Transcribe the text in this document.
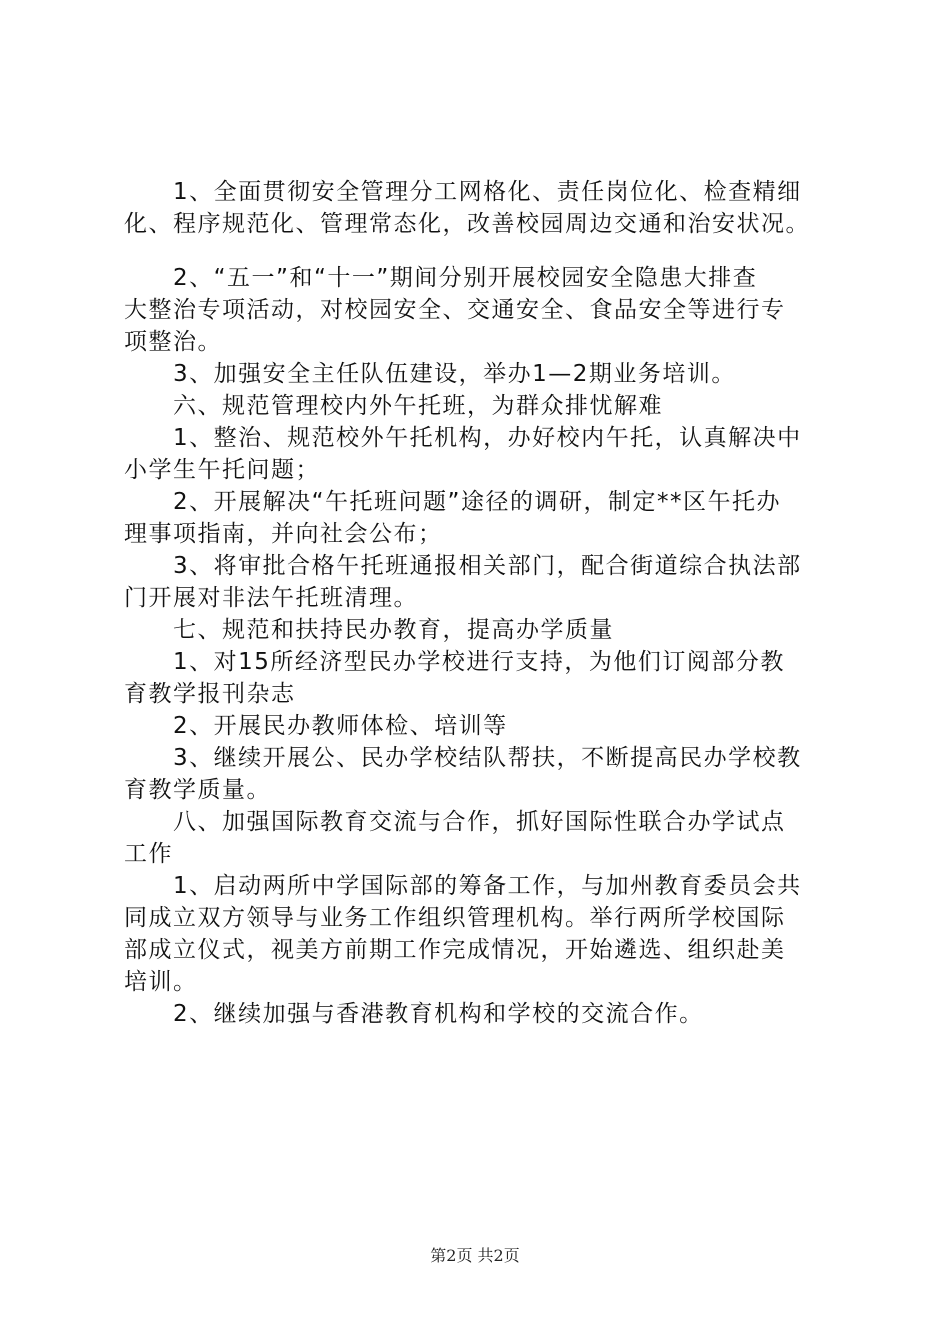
　　1、全面贯彻安全管理分工网格化、责任岗位化、检查精细
化、程序规范化、管理常态化，改善校园周边交通和治安状况。
　　2、“五一”和“十一”期间分别开展校园安全隐患大排查
大整治专项活动，对校园安全、交通安全、食品安全等进行专
项整治。
　　3、加强安全主任队伍建设，举办1—2期业务培训。
　　六、规范管理校内外午托班，为群众排忧解难
　　1、整治、规范校外午托机构，办好校内午托，认真解决中
小学生午托问题；
　　2、开展解决“午托班问题”途径的调研，制定**区午托办
理事项指南，并向社会公布；
　　3、将审批合格午托班通报相关部门，配合街道综合执法部
门开展对非法午托班清理。
　　七、规范和扶持民办教育，提高办学质量
　　1、对15所经济型民办学校进行支持，为他们订阅部分教
育教学报刊杂志
　　2、开展民办教师体检、培训等
　　3、继续开展公、民办学校结队帮扶，不断提高民办学校教
育教学质量。
　　八、加强国际教育交流与合作，抓好国际性联合办学试点
工作
　　1、启动两所中学国际部的筹备工作，与加州教育委员会共
同成立双方领导与业务工作组织管理机构。举行两所学校国际
部成立仪式，视美方前期工作完成情况，开始遴选、组织赴美
培训。
　　2、继续加强与香港教育机构和学校的交流合作。
第2页 共2页
